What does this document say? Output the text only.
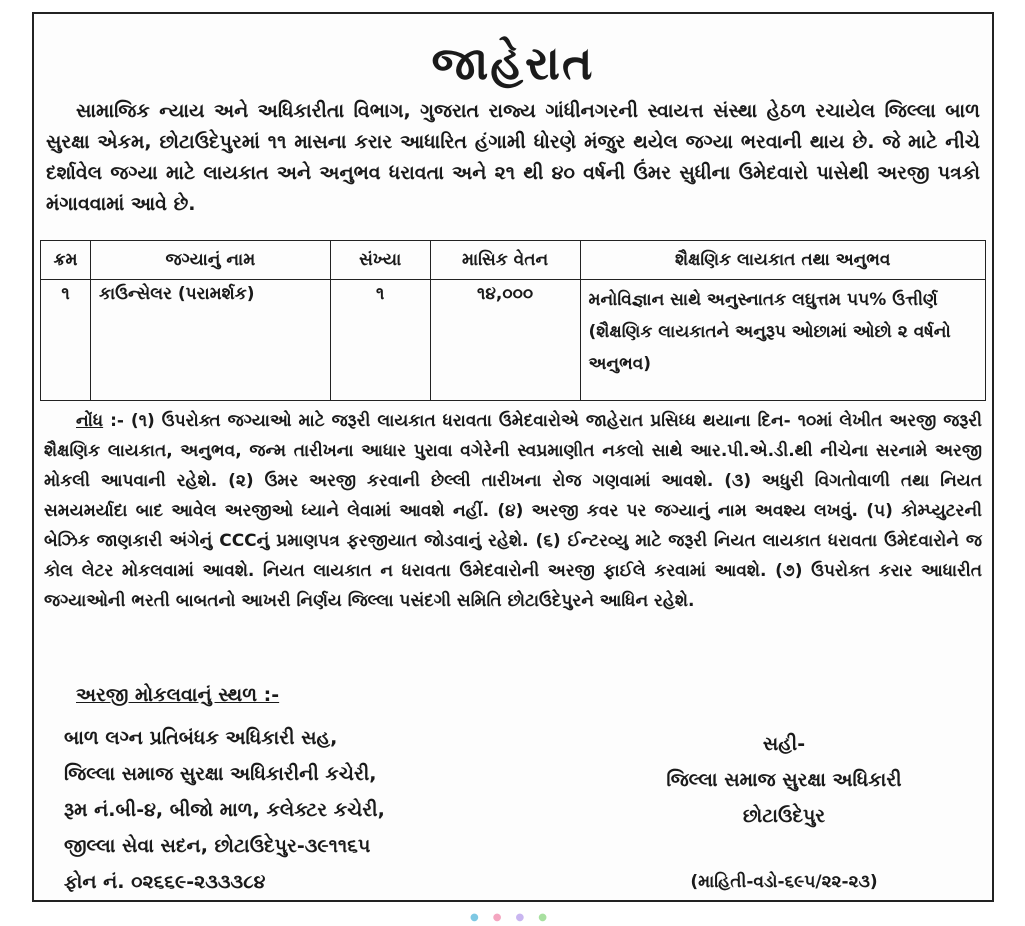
જાહેરાત
સામાજિક ન્યાય અને અધિકારીતા વિભાગ, ગુજરાત રાજ્ય ગાંધીનગરની સ્વાયત્ત સંસ્થા હેઠળ રચાયેલ જિલ્લા બાળ સુરક્ષા એકમ, છોટાઉદેપુરમાં ૧૧ માસના કરાર આધારિત હંગામી ધોરણે મંજુર થયેલ જગ્યા ભરવાની થાય છે. જે માટે નીચે દર્શાવેલ જગ્યા માટે લાયકાત અને અનુભવ ધરાવતા અને ૨૧ થી ૪૦ વર્ષની ઉંમર સુધીના ઉમેદવારો પાસેથી અરજી પત્રકો મંગાવવામાં આવે છે.
ક્રમ	જગ્યાનું નામ	સંખ્યા	માસિક વેતન	શૈક્ષણિક લાયકાત તથા અનુભવ
૧	કાઉન્સેલર (પરામર્શક)	૧	૧૪,૦૦૦	મનોવિજ્ઞાન સાથે અનુસ્નાતક લઘુત્તમ ૫૫% ઉત્તીર્ણ (શૈક્ષણિક લાયકાતને અનુરૂપ ઓછામાં ઓછો ૨ વર્ષનો અનુભવ)
નોંધ :- (૧) ઉપરોક્ત જગ્યાઓ માટે જરૂરી લાયકાત ધરાવતા ઉમેદવારોએ જાહેરાત પ્રસિધ્ધ થયાના દિન- ૧૦માં લેખીત અરજી જરૂરી શૈક્ષણિક લાયકાત, અનુભવ, જન્મ તારીખના આધાર પુરાવા વગેરેની સ્વપ્રમાણીત નકલો સાથે આર.પી.એ.ડી.થી નીચેના સરનામે અરજી મોકલી આપવાની રહેશે. (૨) ઉમર અરજી કરવાની છેલ્લી તારીખના રોજ ગણવામાં આવશે. (૩) અધુરી વિગતોવાળી તથા નિયત સમયમર્યાદા બાદ આવેલ અરજીઓ ધ્યાને લેવામાં આવશે નહીં. (૪) અરજી કવર પર જગ્યાનું નામ અવશ્ય લખવું. (૫) કોમ્પ્યુટરની બેઝિક જાણકારી અંગેનું CCCનું પ્રમાણપત્ર ફરજીયાત જોડવાનું રહેશે. (૬) ઈન્ટરવ્યુ માટે જરૂરી નિયત લાયકાત ધરાવતા ઉમેદવારોને જ કોલ લેટર મોકલવામાં આવશે. નિયત લાયકાત ન ધરાવતા ઉમેદવારોની અરજી ફાઈલે કરવામાં આવશે. (૭) ઉપરોક્ત કરાર આધારીત જગ્યાઓની ભરતી બાબતનો આખરી નિર્ણય જિલ્લા પસંદગી સમિતિ છોટાઉદેપુરને આધિન રહેશે.
અરજી મોકલવાનું સ્થળ :-
બાળ લગ્ન પ્રતિબંધક અધિકારી સહ,
જિલ્લા સમાજ સુરક્ષા અધિકારીની કચેરી,
રૂમ નં.બી-૪, બીજો માળ, કલેક્ટર કચેરી,
જીલ્લા સેવા સદન, છોટાઉદેપુર-૩૯૧૧૬૫
ફોન નં. ૦૨૬૬૯-૨૩૩૩૮૪
સહી-
જિલ્લા સમાજ સુરક્ષા અધિકારી
છોટાઉદેપુર
(માહિતી-વડો-૬૯૫/૨૨-૨૩)
●●●●
